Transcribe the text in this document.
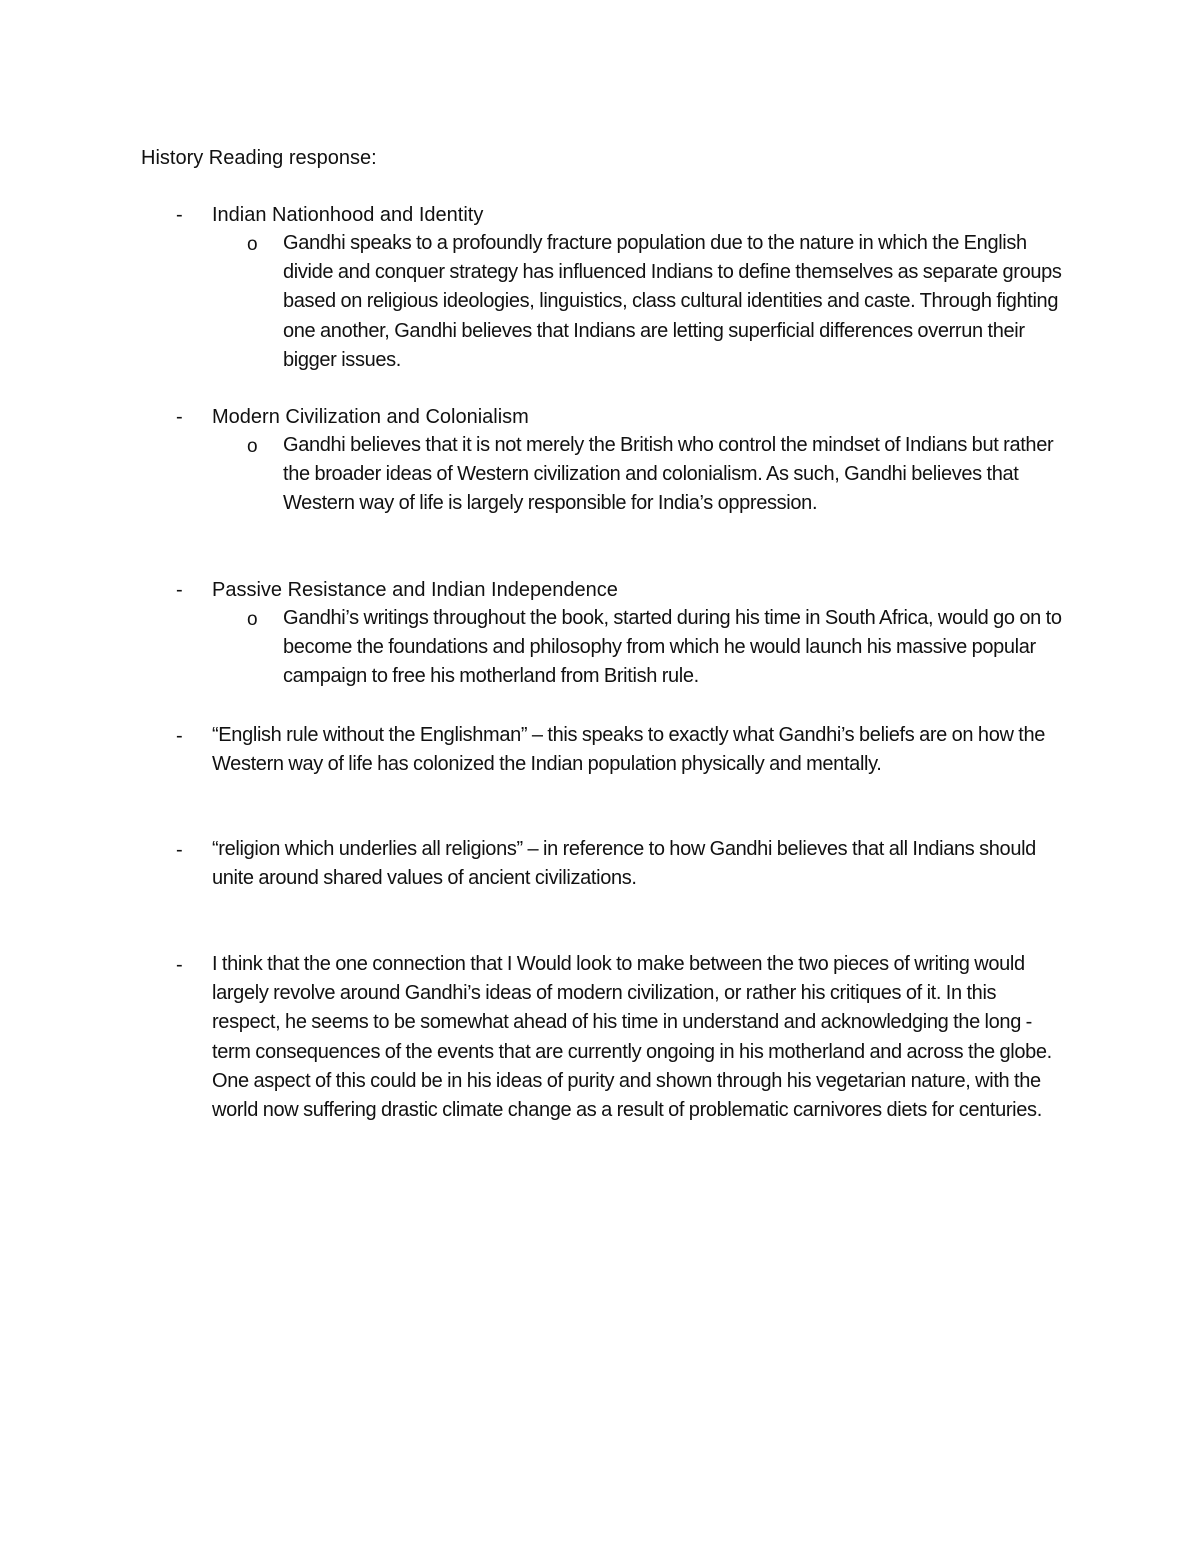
History Reading response:
- Indian Nationhood and Identity
o Gandhi speaks to a profoundly fracture population due to the nature in which the English divide and conquer strategy has influenced Indians to define themselves as separate groups based on religious ideologies, linguistics, class cultural identities and caste. Through fighting one another, Gandhi believes that Indians are letting superficial differences overrun their bigger issues.
- Modern Civilization and Colonialism
o Gandhi believes that it is not merely the British who control the mindset of Indians but rather the broader ideas of Western civilization and colonialism. As such, Gandhi believes that Western way of life is largely responsible for India’s oppression.
- Passive Resistance and Indian Independence
o Gandhi’s writings throughout the book, started during his time in South Africa, would go on to become the foundations and philosophy from which he would launch his massive popular campaign to free his motherland from British rule.
- “English rule without the Englishman” – this speaks to exactly what Gandhi’s beliefs are on how the Western way of life has colonized the Indian population physically and mentally.
- “religion which underlies all religions” – in reference to how Gandhi believes that all Indians should unite around shared values of ancient civilizations.
- I think that the one connection that I Would look to make between the two pieces of writing would largely revolve around Gandhi’s ideas of modern civilization, or rather his critiques of it. In this respect, he seems to be somewhat ahead of his time in understand and acknowledging the long -term consequences of the events that are currently ongoing in his motherland and across the globe. One aspect of this could be in his ideas of purity and shown through his vegetarian nature, with the world now suffering drastic climate change as a result of problematic carnivores diets for centuries.
